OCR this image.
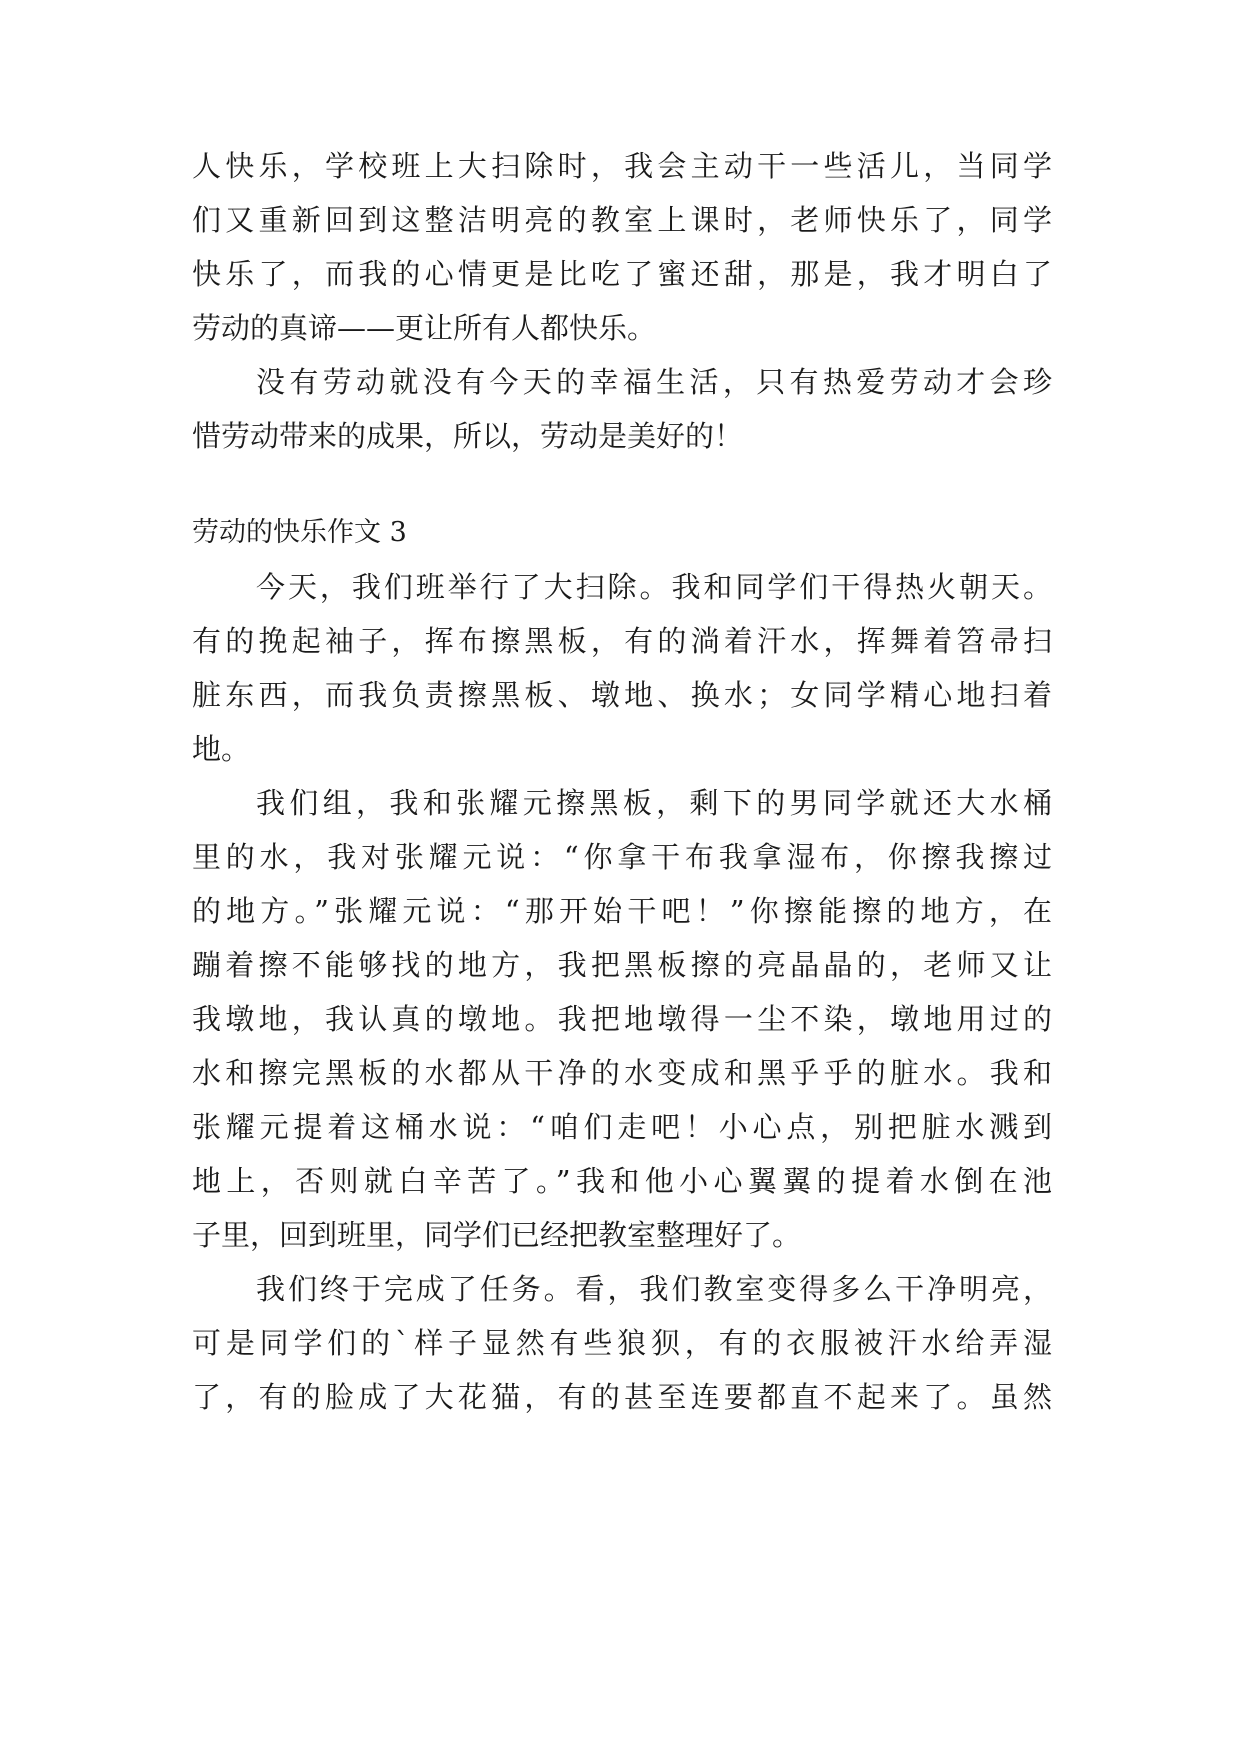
人快乐，学校班上大扫除时，我会主动干一些活儿，当同学
们又重新回到这整洁明亮的教室上课时，老师快乐了，同学
快乐了，而我的心情更是比吃了蜜还甜，那是，我才明白了
劳动的真谛——更让所有人都快乐。
没有劳动就没有今天的幸福生活，只有热爱劳动才会珍
惜劳动带来的成果，所以，劳动是美好的！
劳动的快乐作文 3
今天，我们班举行了大扫除。我和同学们干得热火朝天。
有的挽起袖子，挥布擦黑板，有的淌着汗水，挥舞着笤帚扫
脏东西，而我负责擦黑板、墩地、换水；女同学精心地扫着
地。
我们组，我和张耀元擦黑板，剩下的男同学就还大水桶
里的水，我对张耀元说：“你拿干布我拿湿布，你擦我擦过
的地方。”张耀元说：“那开始干吧！”你擦能擦的地方，在
蹦着擦不能够找的地方，我把黑板擦的亮晶晶的，老师又让
我墩地，我认真的墩地。我把地墩得一尘不染，墩地用过的
水和擦完黑板的水都从干净的水变成和黑乎乎的脏水。我和
张耀元提着这桶水说：“咱们走吧！小心点，别把脏水溅到
地上，否则就白辛苦了。”我和他小心翼翼的提着水倒在池
子里，回到班里，同学们已经把教室整理好了。
我们终于完成了任务。看，我们教室变得多么干净明亮，
可是同学们的`样子显然有些狼狈，有的衣服被汗水给弄湿
了，有的脸成了大花猫，有的甚至连要都直不起来了。虽然
